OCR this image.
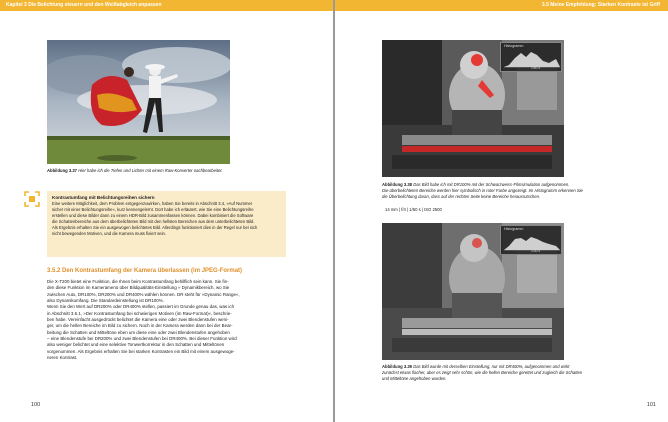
Kapitel 3 Die Belichtung steuern und den Weißabgleich anpassen
Abbildung 3.37 Hier habe ich die Tiefen und Lichter mit einem Raw-Konverter nachbearbeitet.
Kontrastumfang mit Belichtungsreihen sichern
Eine weitere Möglichkeit, dem Problem entgegenzuwirken, haben Sie bereits in Abschnitt 3.4, »Auf Nummer
sicher mit einer Belichtungsreihe«, kurz kennengelernt. Dort habe ich erläutert, wie Sie eine Belichtungsreihe
erstellen und diese Bilder dann zu einem HDR-Bild zusammenfassen können. Dabei kombiniert die Software
die Schattenbereiche aus dem überbelichteten Bild mit den hellsten Bereichen aus dem unterbelichteten Bild.
Als Ergebnis erhalten Sie ein ausgewogen belichtetes Bild. Allerdings funktioniert dies in der Regel nur bei sich
nicht bewegenden Motiven, und die Kamera muss fixiert sein.
3.5.2 Den Kontrastumfang der Kamera überlassen (im JPEG-Format)
Die X-T200 bietet eine Funktion, die Ihnen beim Kontrastumfang behilflich sein kann. Sie fin-
den diese Funktion im Kameramenü über Bildqualitäts-Einstellung » Dynamikbereich, wo Sie
zwischen Auto, DR100%, DR200% und DR400% wählen können. DR steht für »Dynamic Range«,
also Dynamikumfang. Die Standardeinstellung ist DR100%.
Wenn Sie den Wert auf DR200% oder DR400% stellen, passiert im Grunde genau das, was ich
in Abschnitt 3.5.1, »Der Kontrastumfang bei schwierigen Motiven (im Raw-Format)«, beschrie-
ben habe. Vereinfacht ausgedrückt belichtet die Kamera eine oder zwei Blendenstufen weni-
ger, um die hellen Bereiche im Bild zu sichern. Noch in der Kamera werden dann bei der Bear-
beitung die Schatten und Mitteltöne eben um diese eine oder zwei Blendenstufen angehoben
– eine Blendenstufe bei DR200% und zwei Blendenstufen bei DR400%. Bei dieser Funktion wird
also weniger belichtet und eine selektive Tonwertkorrektur in den Schatten und Mitteltönen
vorgenommen. Als Ergebnis erhalten Sie bei starken Kontrasten ein Bild mit einem ausgewoge-
neren Kontrast.
100
3.5 Meine Empfehlung: Starken Kontraste ist Griff
Histogramm
1/50 s
Abbildung 3.38 Das Bild habe ich mit DR100% mit der Schwarzweiss-Filmsimulation aufgenommen.
Die überbelichteten Bereiche werden hier symbolisch in roter Farbe angezeigt. Im Histogramm erkennen Sie
die Überbelichtung daran, dass auf der rechten Seite keine Bereiche herausrutschen.
14 mm | f/4 | 1/50 s | ISO 2500
Histogramm
1/30 s
Abbildung 3.39 Das Bild wurde mit derselben Einstellung, nur mit DR400%, aufgenommen und wirkt
zunächst etwas flacher, aber es zeigt sehr schön, wie die hellen Bereiche gerettet und zugleich die Schatten
und Mitteltöne angehoben wurden.
101
